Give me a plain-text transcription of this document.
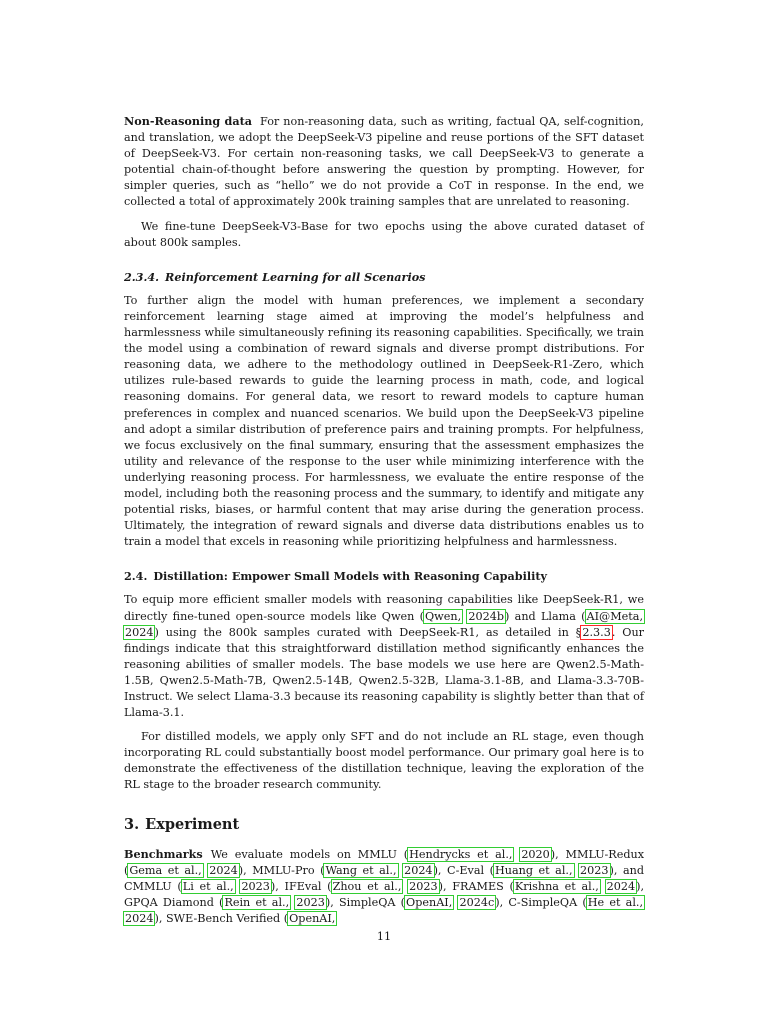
Non-Reasoning data For non-reasoning data, such as writing, factual QA, self-cognition, and translation, we adopt the DeepSeek-V3 pipeline and reuse portions of the SFT dataset of DeepSeek-V3. For certain non-reasoning tasks, we call DeepSeek-V3 to generate a potential chain-of-thought before answering the question by prompting. However, for simpler queries, such as “hello” we do not provide a CoT in response. In the end, we collected a total of approximately 200k training samples that are unrelated to reasoning.

We fine-tune DeepSeek-V3-Base for two epochs using the above curated dataset of about 800k samples.

2.3.4. Reinforcement Learning for all Scenarios

To further align the model with human preferences, we implement a secondary reinforcement learning stage aimed at improving the model’s helpfulness and harmlessness while simultaneously refining its reasoning capabilities. Specifically, we train the model using a combination of reward signals and diverse prompt distributions. For reasoning data, we adhere to the methodology outlined in DeepSeek-R1-Zero, which utilizes rule-based rewards to guide the learning process in math, code, and logical reasoning domains. For general data, we resort to reward models to capture human preferences in complex and nuanced scenarios. We build upon the DeepSeek-V3 pipeline and adopt a similar distribution of preference pairs and training prompts. For helpfulness, we focus exclusively on the final summary, ensuring that the assessment emphasizes the utility and relevance of the response to the user while minimizing interference with the underlying reasoning process. For harmlessness, we evaluate the entire response of the model, including both the reasoning process and the summary, to identify and mitigate any potential risks, biases, or harmful content that may arise during the generation process. Ultimately, the integration of reward signals and diverse data distributions enables us to train a model that excels in reasoning while prioritizing helpfulness and harmlessness.

2.4. Distillation: Empower Small Models with Reasoning Capability

To equip more efficient smaller models with reasoning capabilities like DeepSeek-R1, we directly fine-tuned open-source models like Qwen (Qwen, 2024b) and Llama (AI@Meta, 2024) using the 800k samples curated with DeepSeek-R1, as detailed in §2.3.3. Our findings indicate that this straightforward distillation method significantly enhances the reasoning abilities of smaller models. The base models we use here are Qwen2.5-Math-1.5B, Qwen2.5-Math-7B, Qwen2.5-14B, Qwen2.5-32B, Llama-3.1-8B, and Llama-3.3-70B-Instruct. We select Llama-3.3 because its reasoning capability is slightly better than that of Llama-3.1.

For distilled models, we apply only SFT and do not include an RL stage, even though incorporating RL could substantially boost model performance. Our primary goal here is to demonstrate the effectiveness of the distillation technique, leaving the exploration of the RL stage to the broader research community.

3. Experiment

Benchmarks We evaluate models on MMLU (Hendrycks et al., 2020), MMLU-Redux (Gema et al., 2024), MMLU-Pro (Wang et al., 2024), C-Eval (Huang et al., 2023), and CMMLU (Li et al., 2023), IFEval (Zhou et al., 2023), FRAMES (Krishna et al., 2024), GPQA Diamond (Rein et al., 2023), SimpleQA (OpenAI, 2024c), C-SimpleQA (He et al., 2024), SWE-Bench Verified (OpenAI,

11
